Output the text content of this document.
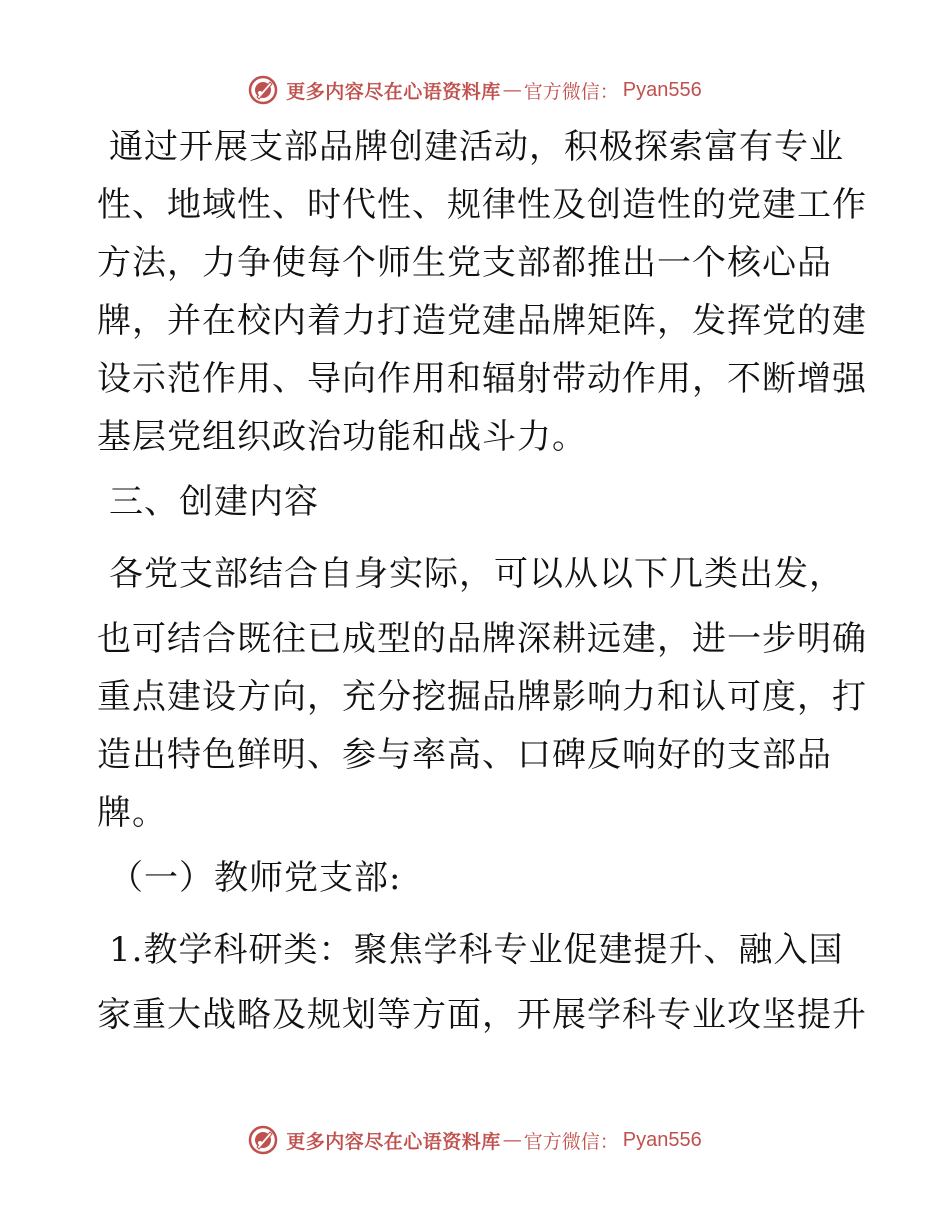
更多内容尽在心语资料库 — 官方微信： Pyan556
通过开展支部品牌创建活动，积极探索富有专业
性、地域性、时代性、规律性及创造性的党建工作
方法，力争使每个师生党支部都推出一个核心品
牌，并在校内着力打造党建品牌矩阵，发挥党的建
设示范作用、导向作用和辐射带动作用，不断增强
基层党组织政治功能和战斗力。
三、创建内容
各党支部结合自身实际，可以从以下几类出发，
也可结合既往已成型的品牌深耕远建，进一步明确
重点建设方向，充分挖掘品牌影响力和认可度，打
造出特色鲜明、参与率高、口碑反响好的支部品
牌。
（一）教师党支部:
1.教学科研类：聚焦学科专业促建提升、融入国
家重大战略及规划等方面，开展学科专业攻坚提升
更多内容尽在心语资料库 — 官方微信： Pyan556
